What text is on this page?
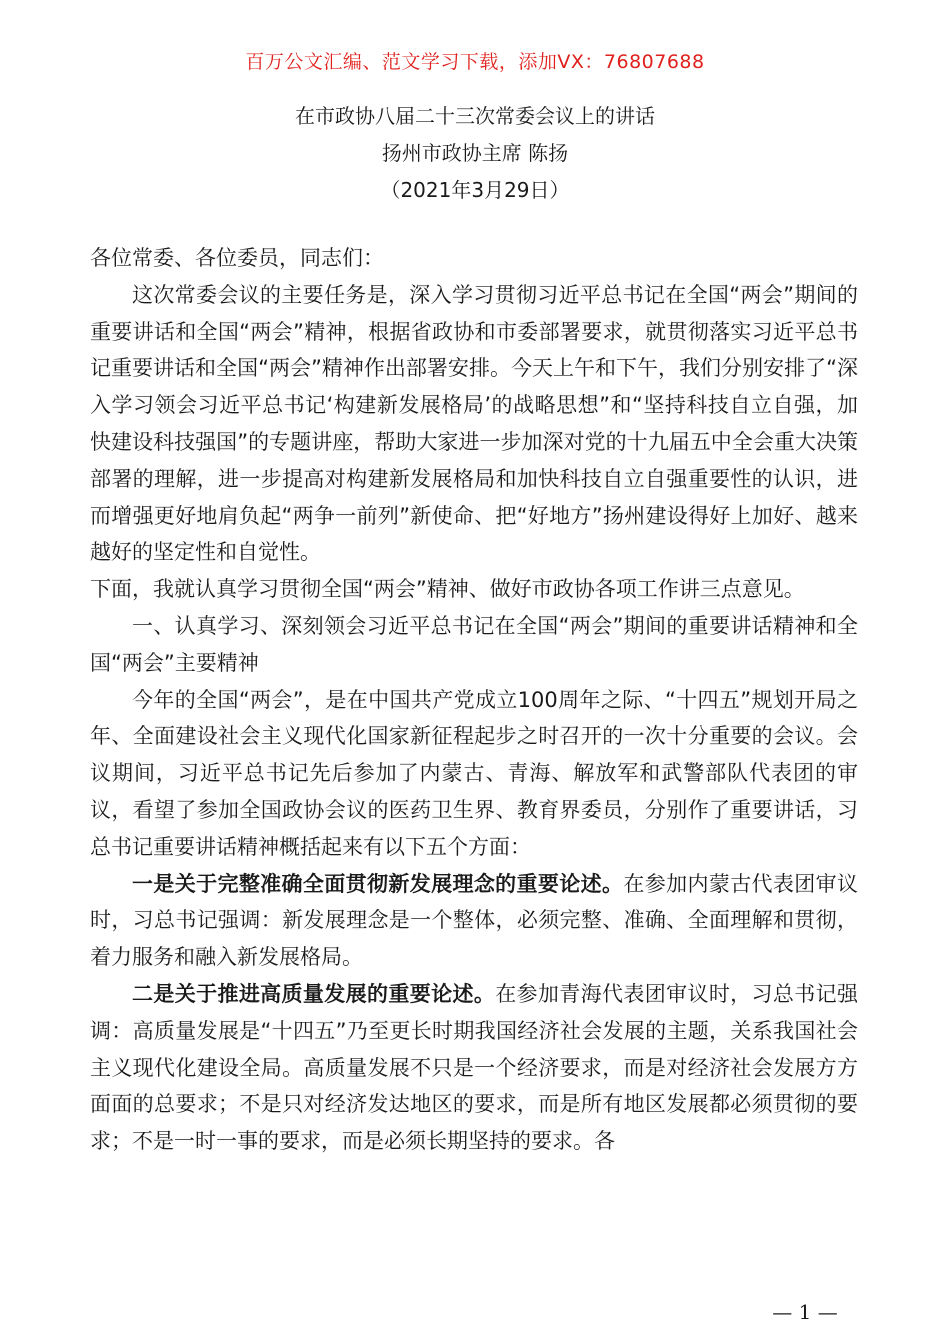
百万公文汇编、范文学习下载，添加VX：76807688
在市政协八届二十三次常委会议上的讲话
扬州市政协主席 陈扬
（2021年3月29日）

各位常委、各位委员，同志们：

这次常委会议的主要任务是，深入学习贯彻习近平总书记在全国“两会”期间的重要讲话和全国“两会”精神，根据省政协和市委部署要求，就贯彻落实习近平总书记重要讲话和全国“两会”精神作出部署安排。今天上午和下午，我们分别安排了“深入学习领会习近平总书记‘构建新发展格局’的战略思想”和“坚持科技自立自强，加快建设科技强国”的专题讲座，帮助大家进一步加深对党的十九届五中全会重大决策部署的理解，进一步提高对构建新发展格局和加快科技自立自强重要性的认识，进而增强更好地肩负起“两争一前列”新使命、把“好地方”扬州建设得好上加好、越来越好的坚定性和自觉性。

下面，我就认真学习贯彻全国“两会”精神、做好市政协各项工作讲三点意见。

一、认真学习、深刻领会习近平总书记在全国“两会”期间的重要讲话精神和全国“两会”主要精神

今年的全国“两会”，是在中国共产党成立100周年之际、“十四五”规划开局之年、全面建设社会主义现代化国家新征程起步之时召开的一次十分重要的会议。会议期间，习近平总书记先后参加了内蒙古、青海、解放军和武警部队代表团的审议，看望了参加全国政协会议的医药卫生界、教育界委员，分别作了重要讲话，习总书记重要讲话精神概括起来有以下五个方面：

一是关于完整准确全面贯彻新发展理念的重要论述。在参加内蒙古代表团审议时，习总书记强调：新发展理念是一个整体，必须完整、准确、全面理解和贯彻，着力服务和融入新发展格局。

二是关于推进高质量发展的重要论述。在参加青海代表团审议时，习总书记强调：高质量发展是“十四五”乃至更长时期我国经济社会发展的主题，关系我国社会主义现代化建设全局。高质量发展不只是一个经济要求，而是对经济社会发展方方面面的总要求；不是只对经济发达地区的要求，而是所有地区发展都必须贯彻的要求；不是一时一事的要求，而是必须长期坚持的要求。各

— 1 —
